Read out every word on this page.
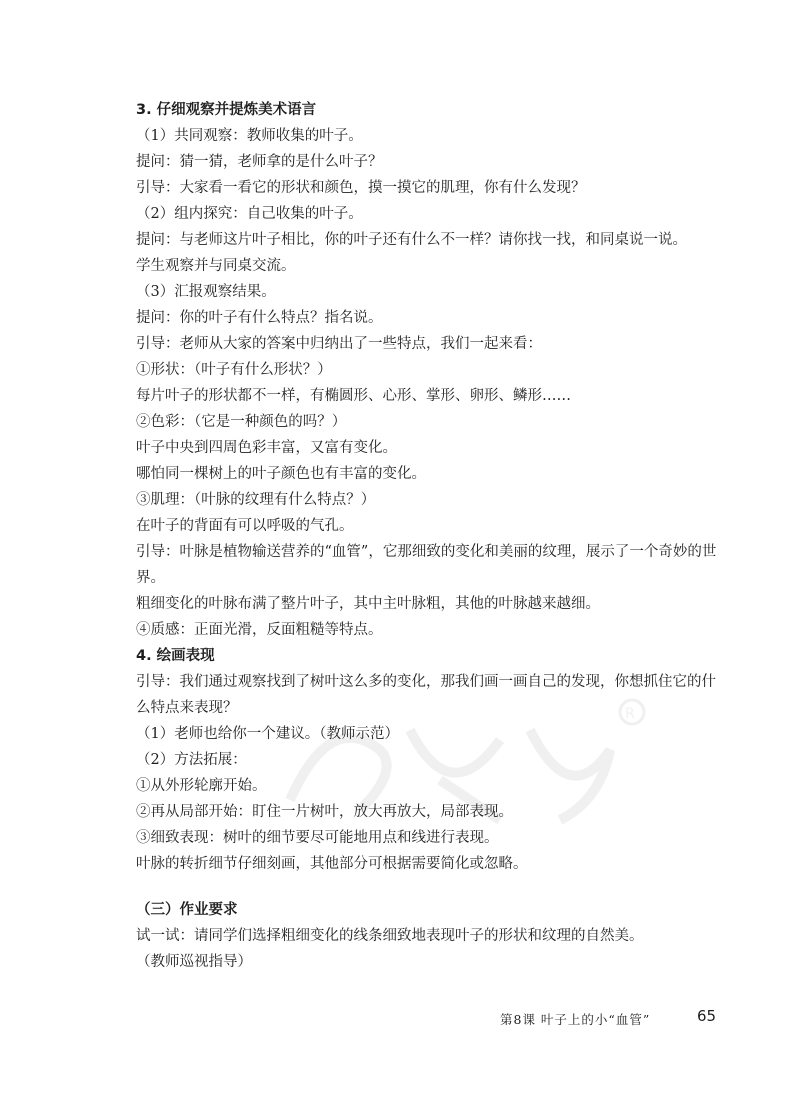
R
3. 仔细观察并提炼美术语言
（1）共同观察：教师收集的叶子。
提问：猜一猜，老师拿的是什么叶子？
引导：大家看一看它的形状和颜色，摸一摸它的肌理，你有什么发现？
（2）组内探究：自己收集的叶子。
提问：与老师这片叶子相比，你的叶子还有什么不一样？请你找一找，和同桌说一说。
学生观察并与同桌交流。
（3）汇报观察结果。
提问：你的叶子有什么特点？指名说。
引导：老师从大家的答案中归纳出了一些特点，我们一起来看：
①形状：（叶子有什么形状？）
每片叶子的形状都不一样，有椭圆形、心形、掌形、卵形、鳞形……
②色彩：（它是一种颜色的吗？）
叶子中央到四周色彩丰富，又富有变化。
哪怕同一棵树上的叶子颜色也有丰富的变化。
③肌理：（叶脉的纹理有什么特点？）
在叶子的背面有可以呼吸的气孔。
引导：叶脉是植物输送营养的“血管”，它那细致的变化和美丽的纹理，展示了一个奇妙的世界。
粗细变化的叶脉布满了整片叶子，其中主叶脉粗，其他的叶脉越来越细。
④质感：正面光滑，反面粗糙等特点。
4. 绘画表现
引导：我们通过观察找到了树叶这么多的变化，那我们画一画自己的发现，你想抓住它的什么特点来表现？
（1）老师也给你一个建议。（教师示范）
（2）方法拓展：
①从外形轮廓开始。
②再从局部开始：盯住一片树叶，放大再放大，局部表现。
③细致表现：树叶的细节要尽可能地用点和线进行表现。
叶脉的转折细节仔细刻画，其他部分可根据需要简化或忽略。
（三）作业要求
试一试：请同学们选择粗细变化的线条细致地表现叶子的形状和纹理的自然美。
（教师巡视指导）
第8课 叶子上的小“血管”	65
